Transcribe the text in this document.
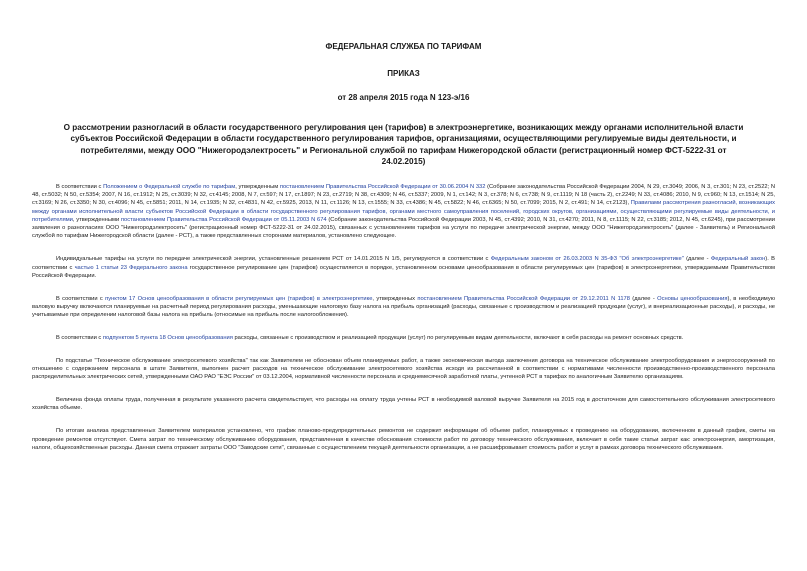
ФЕДЕРАЛЬНАЯ СЛУЖБА ПО ТАРИФАМ
ПРИКАЗ
от 28 апреля 2015 года N 123-э/16
О рассмотрении разногласий в области государственного регулирования цен (тарифов) в электроэнергетике, возникающих между органами исполнительной власти субъектов Российской Федерации в области государственного регулирования тарифов, организациями, осуществляющими регулируемые виды деятельности, и потребителями, между ООО "Нижегородэлектросеть" и Региональной службой по тарифам Нижегородской области (регистрационный номер ФСТ-5222-31 от 24.02.2015)

В соответствии с Положением о Федеральной службе по тарифам, утвержденным постановлением Правительства Российской Федерации от 30.06.2004 N 332 (Собрание законодательства Российской Федерации 2004, N 29, ст.3049; 2006, N 3, ст.301; N 23, ст.2522; N 48, ст.5032; N 50, ст.5354; 2007, N 16, ст.1912; N 25, ст.3039; N 32, ст.4145; 2008, N 7, ст.597; N 17, ст.1897; N 23, ст.2719; N 38, ст.4309; N 46, ст.5337; 2009, N 1, ст.142; N 3, ст.378; N 6, ст.738; N 9, ст.1119; N 18 (часть 2), ст.2249; N 33, ст.4086; 2010, N 9, ст.960; N 13, ст.1514; N 25, ст.3169; N 26, ст.3350; N 30, ст.4096; N 45, ст.5851; 2011, N 14, ст.1935; N 32, ст.4831, N 42, ст.5925, 2013, N 11, ст.1126; N 13, ст.1555; N 33, ст.4386; N 45, ст.5822; N 46, ст.6365; N 50, ст.7099; 2015, N 2, ст.491; N 14, ст.2123), Правилами рассмотрения разногласий, возникающих между органами исполнительной власти субъектов Российской Федерации в области государственного регулирования тарифов, органами местного самоуправления поселений, городских округов, организациями, осуществляющими регулируемые виды деятельности, и потребителями, утвержденными постановлением Правительства Российской Федерации от 05.11.2003 N 674 (Собрание законодательства Российской Федерации 2003, N 45, ст.4392; 2010, N 31, ст.4270; 2011, N 8, ст.1115; N 22, ст.3185; 2012, N 45, ст.6245), при рассмотрении заявления о разногласиях ООО "Нижегородэлектросеть" (регистрационный номер ФСТ-5222-31 от 24.02.2015), связанных с установлением тарифов на услуги по передаче электрической энергии, между ООО "Нижегородэлектросеть" (далее - Заявитель) и Региональной службой по тарифам Нижегородской области (далее - РСТ), а также представленных сторонами материалов, установлено следующее.

Индивидуальные тарифы на услуги по передаче электрической энергии, установленные решением РСТ от 14.01.2015 N 1/5, регулируются в соответствии с Федеральным законом от 26.03.2003 N 35-ФЗ "Об электроэнергетике" (далее - Федеральный закон). В соответствии с частью 1 статьи 23 Федерального закона государственное регулирование цен (тарифов) осуществляется в порядке, установленном основами ценообразования в области регулируемых цен (тарифов) в электроэнергетике, утверждаемыми Правительством Российской Федерации.

В соответствии с пунктом 17 Основ ценообразования в области регулируемых цен (тарифов) в электроэнергетике, утвержденных постановлением Правительства Российской Федерации от 29.12.2011 N 1178 (далее - Основы ценообразования), в необходимую валовую выручку включаются планируемые на расчетный период регулирования расходы, уменьшающие налоговую базу налога на прибыль организаций (расходы, связанные с производством и реализацией продукции (услуг), и внереализационные расходы), и расходы, не учитываемые при определении налоговой базы налога на прибыль (относимые на прибыль после налогообложения).

В соответствии с подпунктом 5 пункта 18 Основ ценообразования расходы, связанные с производством и реализацией продукции (услуг) по регулируемым видам деятельности, включают в себя расходы на ремонт основных средств.

По подстатье "Техническое обслуживание электросетевого хозяйства" так как Заявителем не обоснован объем планируемых работ, а также экономическая выгода заключения договора на техническое обслуживание электрооборудования и энергосооружений по отношению с содержанием персонала в штате Заявителя, выполнен расчет расходов на техническое обслуживание электросетевого хозяйства исходя из рассчитанной в соответствии с нормативами численности производственно-производственного персонала распределительных электрических сетей, утвержденными ОАО РАО "ЕЭС России" от 03.12.2004, нормативной численности персонала и среднемесячной заработной платы, учтенной РСТ в тарифах по аналогичным Заявителю организациям.

Величина фонда оплаты труда, полученная в результате указанного расчета свидетельствует, что расходы на оплату труда учтены РСТ в необходимой валовой выручке Заявителя на 2015 год в достаточном для самостоятельного обслуживания электросетевого хозяйства объеме.

По итогам анализа представленных Заявителем материалов установлено, что график планово-предупредительных ремонтов не содержит информации об объеме работ, планируемых к проведению на оборудовании, включенном в данный график, сметы на проведение ремонтов отсутствуют. Смета затрат по техническому обслуживанию оборудования, представленная в качестве обоснования стоимости работ по договору технического обслуживания, включает в себя такие статьи затрат как: электроэнергия, амортизация, налоги, общехозяйственные расходы. Данная смета отражает затраты ООО "Заводские сети", связанные с осуществлением текущей деятельности организации, а не расшифровывает стоимость работ и услуг в рамках договора технического обслуживания.
